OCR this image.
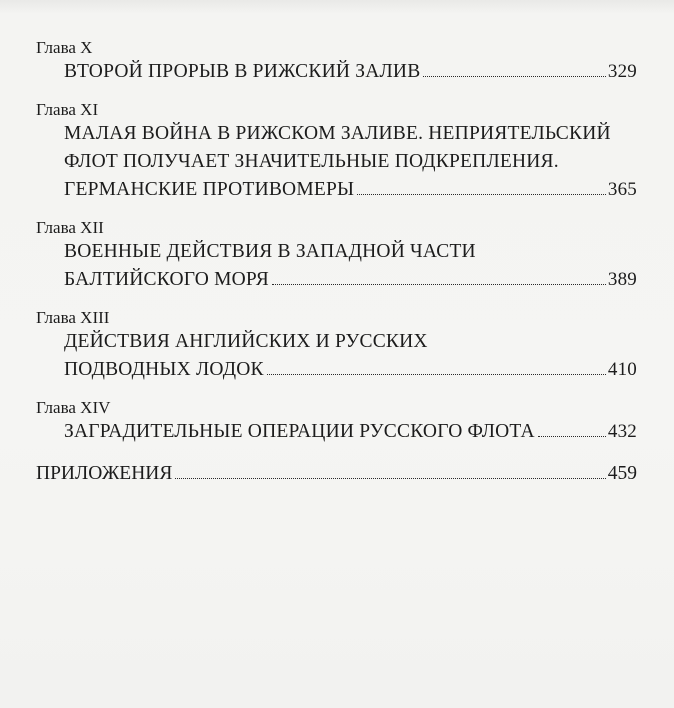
Глава X
ВТОРОЙ ПРОРЫВ В РИЖСКИЙ ЗАЛИВ	329
Глава XI
МАЛАЯ ВОЙНА В РИЖСКОМ ЗАЛИВЕ. НЕПРИЯТЕЛЬСКИЙ
ФЛОТ ПОЛУЧАЕТ ЗНАЧИТЕЛЬНЫЕ ПОДКРЕПЛЕНИЯ.
ГЕРМАНСКИЕ ПРОТИВОМЕРЫ	365
Глава XII
ВОЕННЫЕ ДЕЙСТВИЯ В ЗАПАДНОЙ ЧАСТИ
БАЛТИЙСКОГО МОРЯ	389
Глава XIII
ДЕЙСТВИЯ АНГЛИЙСКИХ И РУССКИХ
ПОДВОДНЫХ ЛОДОК	410
Глава XIV
ЗАГРАДИТЕЛЬНЫЕ ОПЕРАЦИИ РУССКОГО ФЛОТА	432
ПРИЛОЖЕНИЯ	459
